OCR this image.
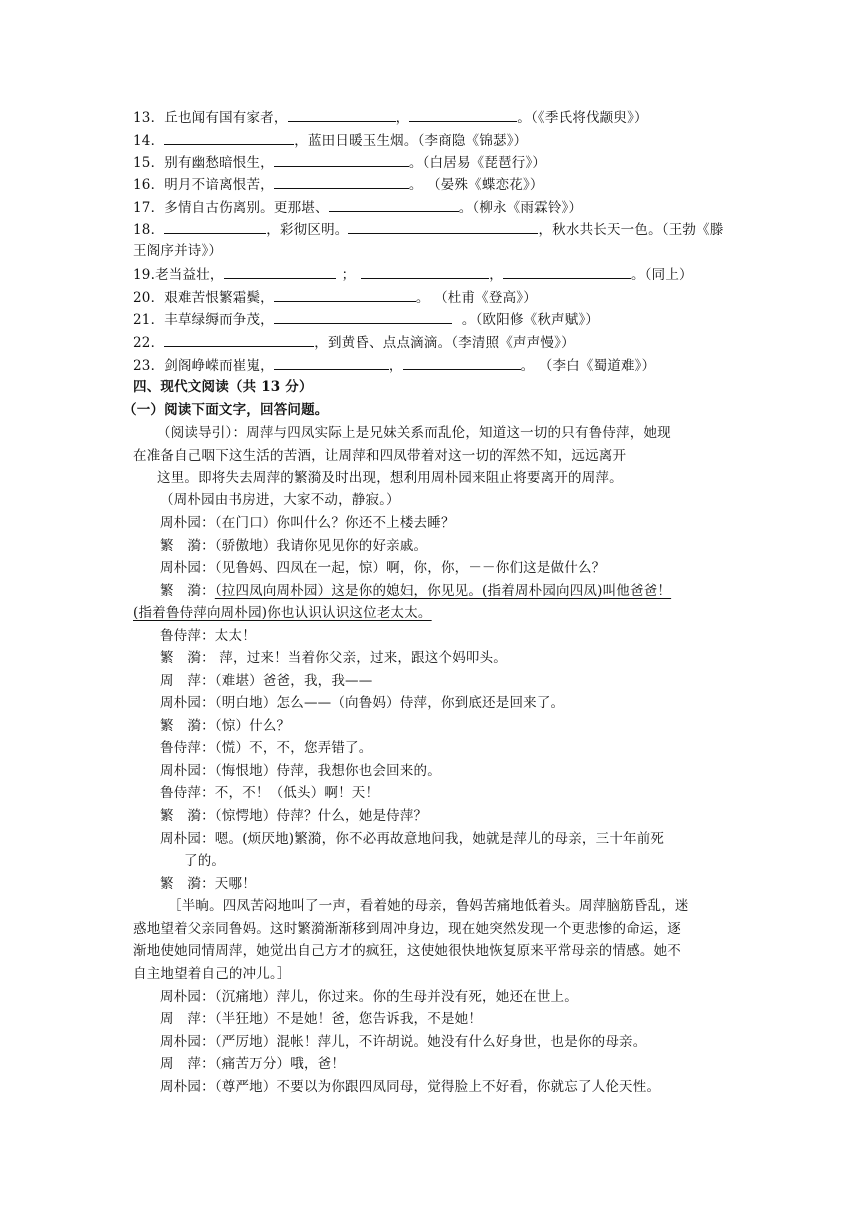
13．丘也闻有国有家者，	，	。（《季氏将伐颛臾》）
14．	，蓝田日暖玉生烟。（李商隐《锦瑟》）
15．别有幽愁暗恨生，	。（白居易《琵琶行》）
16．明月不谙离恨苦，	。 （晏殊《蝶恋花》）
17．多情自古伤离别。更那堪、	。（柳永《雨霖铃》）
18．	，彩彻区明。	，秋水共长天一色。（王勃《滕
王阁序并诗》）
19.老当益壮，	；	，	。（同上）
20．艰难苦恨繁霜鬓，	。 （杜甫《登高》）
21．丰草绿缛而争茂，	。（欧阳修《秋声赋》）
22．	，到黄昏、点点滴滴。（李清照《声声慢》）
23．剑阁峥嵘而崔嵬，	，	。 （李白《蜀道难》）
四、现代文阅读（共 13 分）
（一）阅读下面文字，回答问题。
（阅读导引）：周萍与四凤实际上是兄妹关系而乱伦，知道这一切的只有鲁侍萍，她现
在准备自己咽下这生活的苦酒，让周萍和四凤带着对这一切的浑然不知，远远离开
这里。即将失去周萍的繁漪及时出现，想利用周朴园来阻止将要离开的周萍。
（周朴园由书房进，大家不动，静寂。）
周朴园：（在门口）你叫什么？你还不上楼去睡？
繁　漪：（骄傲地）我请你见见你的好亲戚。
周朴园：（见鲁妈、四凤在一起，惊）啊，你，你，－－你们这是做什么？
繁　漪：（拉四凤向周朴园）这是你的媳妇，你见见。(指着周朴园向四凤)叫他爸爸！
(指着鲁侍萍向周朴园)你也认识认识这位老太太。
鲁侍萍：太太！
繁　漪： 萍，过来！当着你父亲，过来，跟这个妈叩头。
周　萍：（难堪）爸爸，我，我——
周朴园：（明白地）怎么——（向鲁妈）侍萍，你到底还是回来了。
繁　漪：（惊）什么？
鲁侍萍：（慌）不，不，您弄错了。
周朴园：（悔恨地）侍萍，我想你也会回来的。
鲁侍萍：不，不！（低头）啊！天！
繁　漪：（惊愕地）侍萍？什么，她是侍萍？
周朴园：嗯。(烦厌地)繁漪，你不必再故意地问我，她就是萍儿的母亲，三十年前死
了的。
繁　漪：天哪！
［半晌。四凤苦闷地叫了一声，看着她的母亲，鲁妈苦痛地低着头。周萍脑筋昏乱，迷
惑地望着父亲同鲁妈。这时繁漪渐渐移到周冲身边，现在她突然发现一个更悲惨的命运，逐
渐地使她同情周萍，她觉出自己方才的疯狂，这使她很快地恢复原来平常母亲的情感。她不
自主地望着自己的冲儿。］
周朴园：（沉痛地）萍儿，你过来。你的生母并没有死，她还在世上。
周　萍：（半狂地）不是她！爸，您告诉我，不是她！
周朴园：（严厉地）混帐！萍儿，不许胡说。她没有什么好身世，也是你的母亲。
周　萍：（痛苦万分）哦，爸！
周朴园：（尊严地）不要以为你跟四凤同母，觉得脸上不好看，你就忘了人伦天性。
